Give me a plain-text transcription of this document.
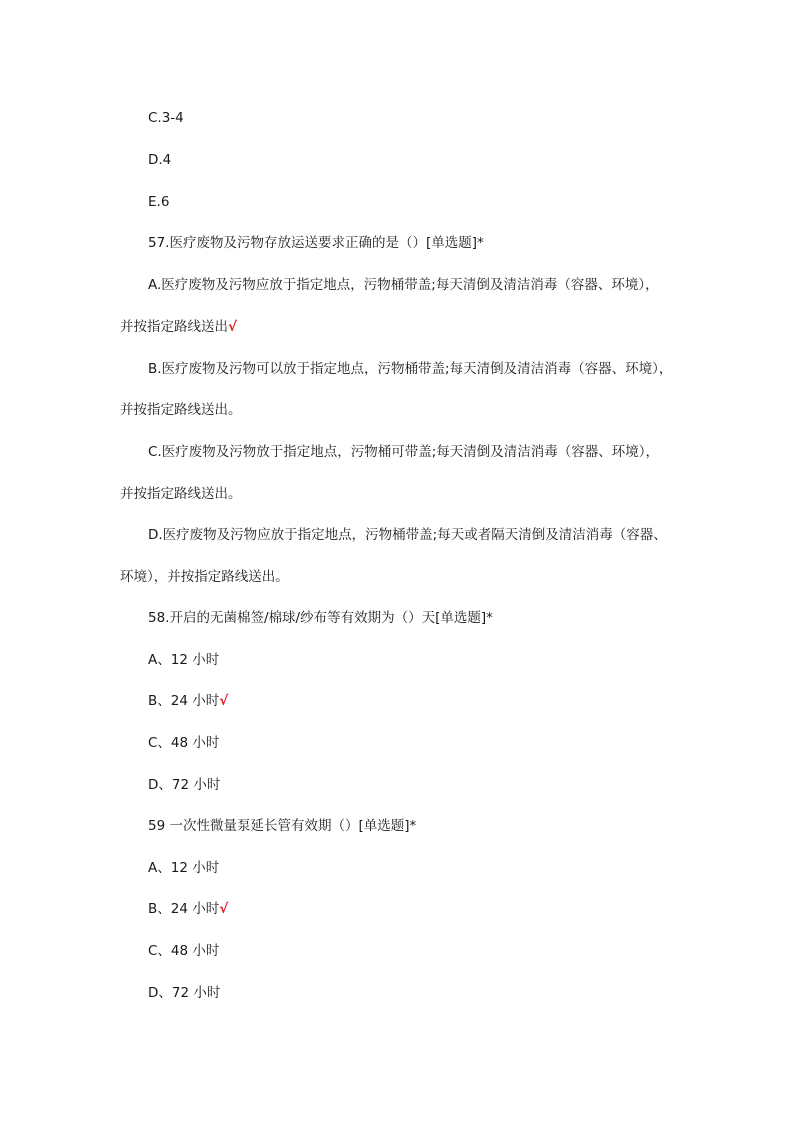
C.3-4
D.4
E.6
57.医疗废物及污物存放运送要求正确的是（）[单选题]*
A.医疗废物及污物应放于指定地点，污物桶带盖;每天清倒及清洁消毒（容器、环境），
并按指定路线送出√
B.医疗废物及污物可以放于指定地点，污物桶带盖;每天清倒及清洁消毒（容器、环境），
并按指定路线送出。
C.医疗废物及污物放于指定地点，污物桶可带盖;每天清倒及清洁消毒（容器、环境），
并按指定路线送出。
D.医疗废物及污物应放于指定地点，污物桶带盖;每天或者隔天清倒及清洁消毒（容器、
环境），并按指定路线送出。
58.开启的无菌棉签/棉球/纱布等有效期为（）天[单选题]*
A、12 小时
B、24 小时√
C、48 小时
D、72 小时
59 一次性微量泵延长管有效期（）[单选题]*
A、12 小时
B、24 小时√
C、48 小时
D、72 小时
